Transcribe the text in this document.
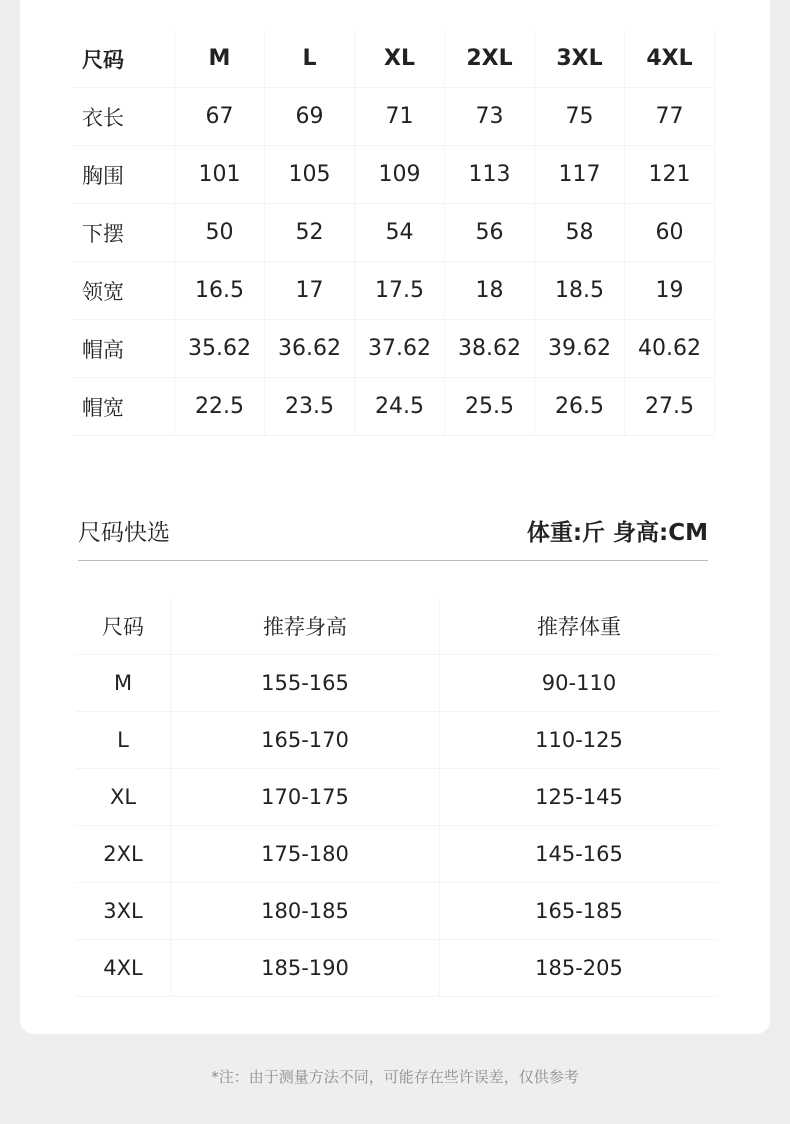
尺码	M	L	XL	2XL	3XL	4XL
衣长	67	69	71	73	75	77
胸围	101	105	109	113	117	121
下摆	50	52	54	56	58	60
领宽	16.5	17	17.5	18	18.5	19
帽高	35.62	36.62	37.62	38.62	39.62	40.62
帽宽	22.5	23.5	24.5	25.5	26.5	27.5
尺码快选	体重:斤 身高:CM
尺码	推荐身高	推荐体重
M	155-165	90-110
L	165-170	110-125
XL	170-175	125-145
2XL	175-180	145-165
3XL	180-185	165-185
4XL	185-190	185-205
*注：由于测量方法不同，可能存在些许误差，仅供参考
